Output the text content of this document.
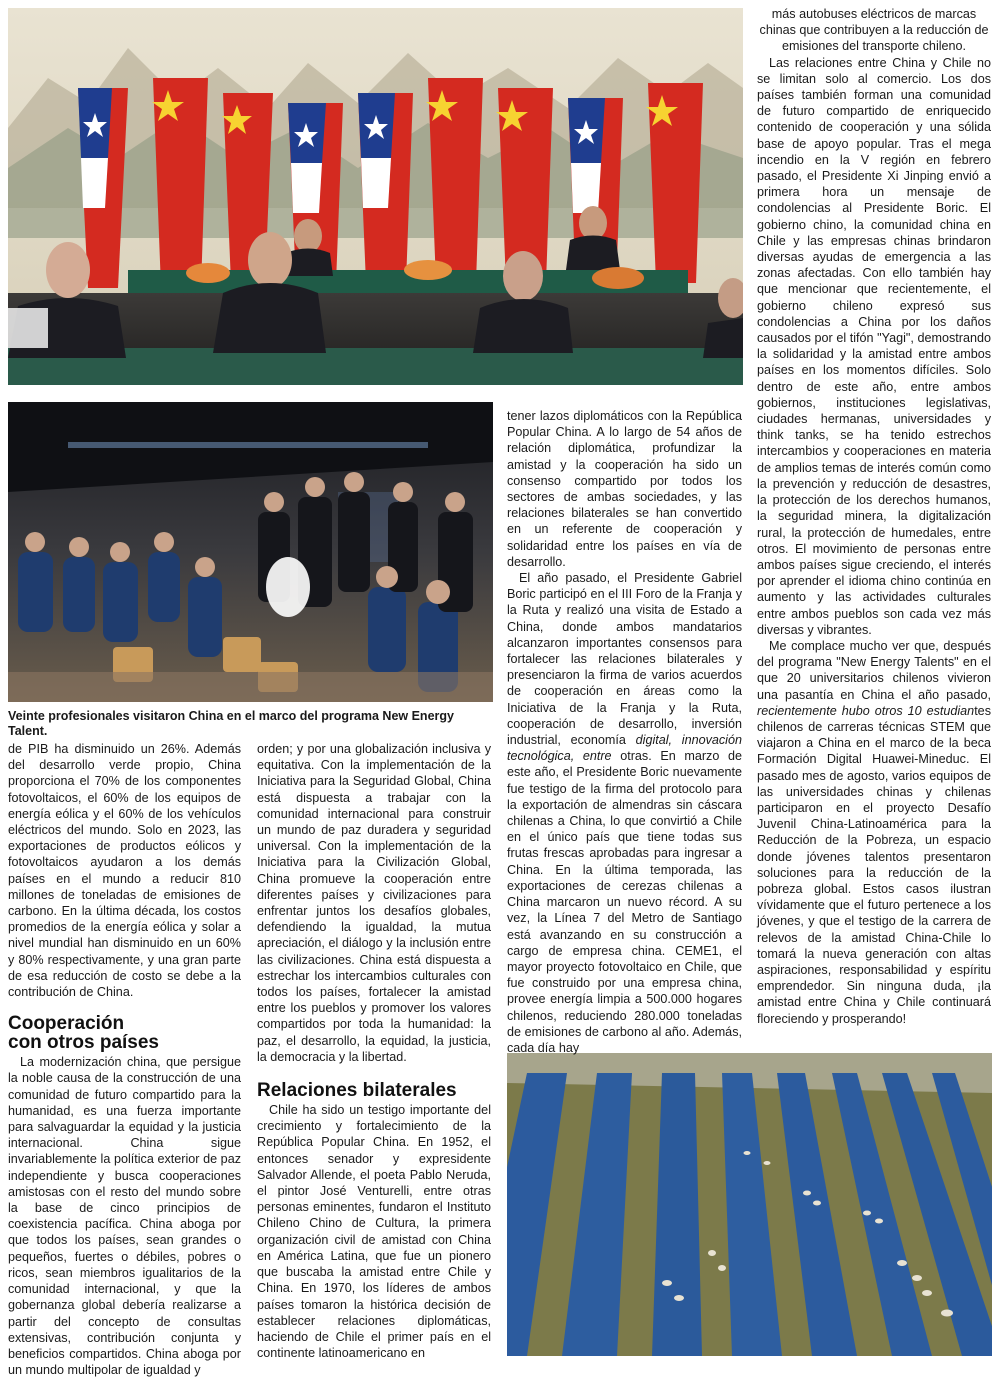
Veinte profesionales visitaron China en el marco del programa New Energy Talent.

más autobuses eléctricos de marcas chinas que contribuyen a la reducción de emisiones del transporte chileno.

Las relaciones entre China y Chile no se limitan solo al comercio. Los dos países también forman una comunidad de futuro compartido de enriquecido contenido de cooperación y una sólida base de apoyo popular. Tras el mega incendio en la V región en febrero pasado, el Presidente Xi Jinping envió a primera hora un mensaje de condolencias al Presidente Boric. El gobierno chino, la comunidad china en Chile y las empresas chinas brindaron diversas ayudas de emergencia a las zonas afectadas. Con ello también hay que mencionar que recientemente, el gobierno chileno expresó sus condolencias a China por los daños causados por el tifón "Yagi", demostrando la solidaridad y la amistad entre ambos países en los momentos difíciles. Solo dentro de este año, entre ambos gobiernos, instituciones legislativas, ciudades hermanas, universidades y think tanks, se ha tenido estrechos intercambios y cooperaciones en materia de amplios temas de interés común como la prevención y reducción de desastres, la protección de los derechos humanos, la seguridad minera, la digitalización rural, la protección de humedales, entre otros. El movimiento de personas entre ambos países sigue creciendo, el interés por aprender el idioma chino continúa en aumento y las actividades culturales entre ambos pueblos son cada vez más diversas y vibrantes.

Me complace mucho ver que, después del programa "New Energy Talents" en el que 20 universitarios chilenos vivieron una pasantía en China el año pasado, recientemente hubo otros 10 estudiantes chilenos de carreras técnicas STEM que viajaron a China en el marco de la beca Formación Digital Huawei-Mineduc. El pasado mes de agosto, varios equipos de las universidades chinas y chilenas participaron en el proyecto Desafío Juvenil China-Latinoamérica para la Reducción de la Pobreza, un espacio donde jóvenes talentos presentaron soluciones para la reducción de la pobreza global. Estos casos ilustran vívidamente que el futuro pertenece a los jóvenes, y que el testigo de la carrera de relevos de la amistad China-Chile lo tomará la nueva generación con altas aspiraciones, responsabilidad y espíritu emprendedor. Sin ninguna duda, ¡la amistad entre China y Chile continuará floreciendo y prosperando!

tener lazos diplomáticos con la República Popular China. A lo largo de 54 años de relación diplomática, profundizar la amistad y la cooperación ha sido un consenso compartido por todos los sectores de ambas sociedades, y las relaciones bilaterales se han convertido en un referente de cooperación y solidaridad entre los países en vía de desarrollo.

El año pasado, el Presidente Gabriel Boric participó en el III Foro de la Franja y la Ruta y realizó una visita de Estado a China, donde ambos mandatarios alcanzaron importantes consensos para fortalecer las relaciones bilaterales y presenciaron la firma de varios acuerdos de cooperación en áreas como la Iniciativa de la Franja y la Ruta, cooperación de desarrollo, inversión industrial, economía digital, innovación tecnológica, entre otras. En marzo de este año, el Presidente Boric nuevamente fue testigo de la firma del protocolo para la exportación de almendras sin cáscara chilenas a China, lo que convirtió a Chile en el único país que tiene todas sus frutas frescas aprobadas para ingresar a China. En la última temporada, las exportaciones de cerezas chilenas a China marcaron un nuevo récord. A su vez, la Línea 7 del Metro de Santiago está avanzando en su construcción a cargo de empresa china. CEME1, el mayor proyecto fotovoltaico en Chile, que fue construido por una empresa china, provee energía limpia a 500.000 hogares chilenos, reduciendo 280.000 toneladas de emisiones de carbono al año. Además, cada día hay

de PIB ha disminuido un 26%. Además del desarrollo verde propio, China proporciona el 70% de los componentes fotovoltaicos, el 60% de los equipos de energía eólica y el 60% de los vehículos eléctricos del mundo. Solo en 2023, las exportaciones de productos eólicos y fotovoltaicos ayudaron a los demás países en el mundo a reducir 810 millones de toneladas de emisiones de carbono. En la última década, los costos promedios de la energía eólica y solar a nivel mundial han disminuido en un 60% y 80% respectivamente, y una gran parte de esa reducción de costo se debe a la contribución de China.

Cooperación
con otros países

La modernización china, que persigue la noble causa de la construcción de una comunidad de futuro compartido para la humanidad, es una fuerza importante para salvaguardar la equidad y la justicia internacional. China sigue invariablemente la política exterior de paz independiente y busca cooperaciones amistosas con el resto del mundo sobre la base de cinco principios de coexistencia pacífica. China aboga por que todos los países, sean grandes o pequeños, fuertes o débiles, pobres o ricos, sean miembros igualitarios de la comunidad internacional, y que la gobernanza global debería realizarse a partir del concepto de consultas extensivas, contribución conjunta y beneficios compartidos. China aboga por un mundo multipolar de igualdad y

orden; y por una globalización inclusiva y equitativa. Con la implementación de la Iniciativa para la Seguridad Global, China está dispuesta a trabajar con la comunidad internacional para construir un mundo de paz duradera y seguridad universal. Con la implementación de la Iniciativa para la Civilización Global, China promueve la cooperación entre diferentes países y civilizaciones para enfrentar juntos los desafíos globales, defendiendo la igualdad, la mutua apreciación, el diálogo y la inclusión entre las civilizaciones. China está dispuesta a estrechar los intercambios culturales con todos los países, fortalecer la amistad entre los pueblos y promover los valores compartidos por toda la humanidad: la paz, el desarrollo, la equidad, la justicia, la democracia y la libertad.

Relaciones bilaterales

Chile ha sido un testigo importante del crecimiento y fortalecimiento de la República Popular China. En 1952, el entonces senador y expresidente Salvador Allende, el poeta Pablo Neruda, el pintor José Venturelli, entre otras personas eminentes, fundaron el Instituto Chileno Chino de Cultura, la primera organización civil de amistad con China en América Latina, que fue un pionero que buscaba la amistad entre Chile y China. En 1970, los líderes de ambos países tomaron la histórica decisión de establecer relaciones diplomáticas, haciendo de Chile el primer país en el continente latinoamericano en
